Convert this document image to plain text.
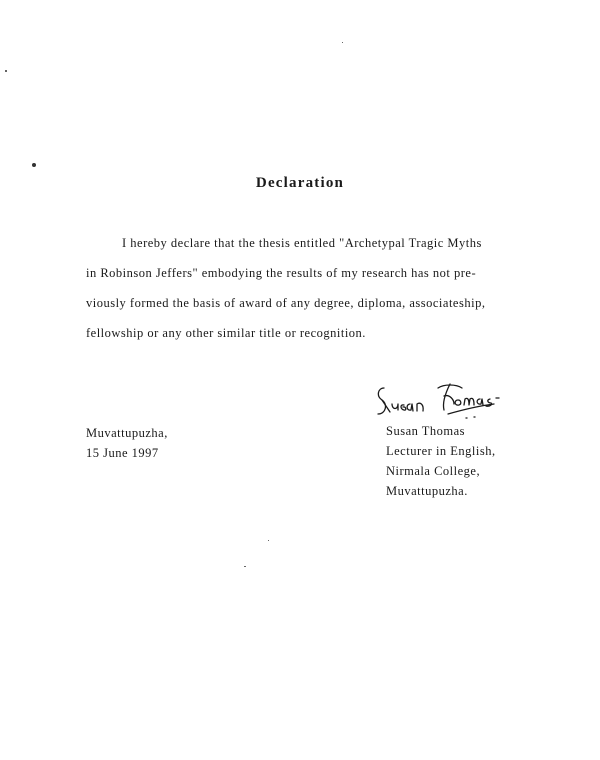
Declaration
I hereby declare that the thesis entitled "Archetypal Tragic Myths
in Robinson Jeffers" embodying the results of my research has not pre-
viously formed the basis of award of any degree, diploma, associateship,
fellowship or any other similar title or recognition.
Muvattupuzha,
15 June 1997
Susan Thomas
Lecturer in English,
Nirmala College,
Muvattupuzha.
